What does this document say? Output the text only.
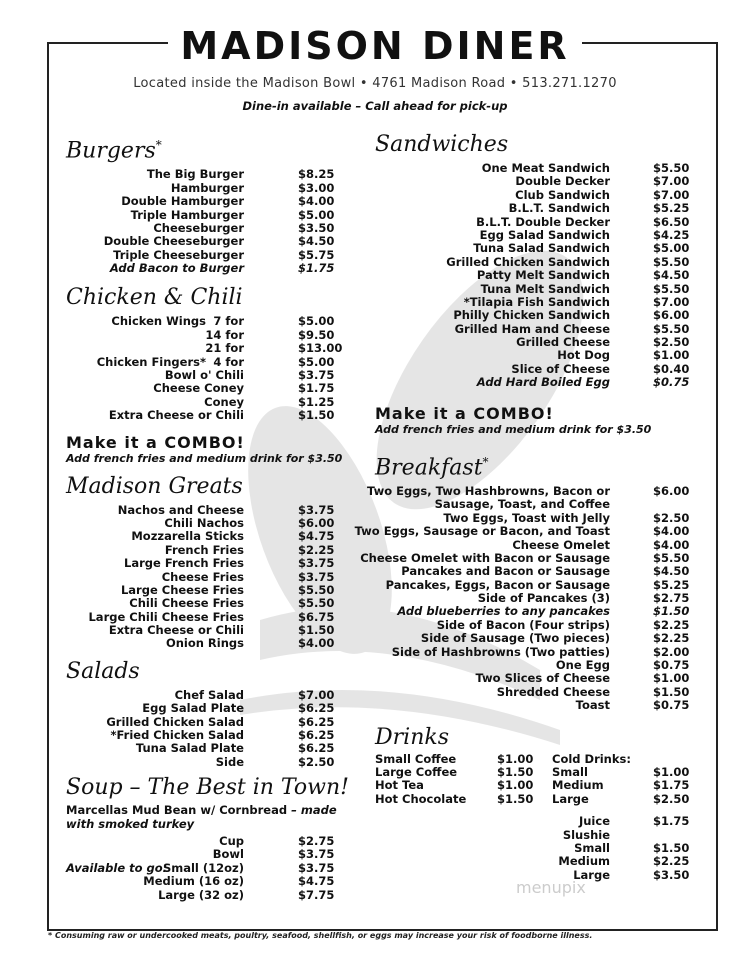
MADISON DINER
Located inside the Madison Bowl • 4761 Madison Road • 513.271.1270
Dine-in available – Call ahead for pick-up
Burgers*
The Big Burger	$8.25
Hamburger	$3.00
Double Hamburger	$4.00
Triple Hamburger	$5.00
Cheeseburger	$3.50
Double Cheeseburger	$4.50
Triple Cheeseburger	$5.75
Add Bacon to Burger	$1.75
Chicken & Chili
Chicken Wings 7 for	$5.00
14 for	$9.50
21 for	$13.00
Chicken Fingers* 4 for	$5.00
Bowl o' Chili	$3.75
Cheese Coney	$1.75
Coney	$1.25
Extra Cheese or Chili	$1.50
Make it a COMBO!
Add french fries and medium drink for $3.50
Madison Greats
Nachos and Cheese	$3.75
Chili Nachos	$6.00
Mozzarella Sticks	$4.75
French Fries	$2.25
Large French Fries	$3.75
Cheese Fries	$3.75
Large Cheese Fries	$5.50
Chili Cheese Fries	$5.50
Large Chili Cheese Fries	$6.75
Extra Cheese or Chili	$1.50
Onion Rings	$4.00
Salads
Chef Salad	$7.00
Egg Salad Plate	$6.25
Grilled Chicken Salad	$6.25
*Fried Chicken Salad	$6.25
Tuna Salad Plate	$6.25
Side	$2.50
Soup – The Best in Town!
Marcellas Mud Bean w/ Cornbread – made with smoked turkey
Cup	$2.75
Bowl	$3.75
Available to go:
Small (12oz)	$3.75
Medium (16 oz)	$4.75
Large (32 oz)	$7.75
Sandwiches
One Meat Sandwich	$5.50
Double Decker	$7.00
Club Sandwich	$7.00
B.L.T. Sandwich	$5.25
B.L.T. Double Decker	$6.50
Egg Salad Sandwich	$4.25
Tuna Salad Sandwich	$5.00
Grilled Chicken Sandwich	$5.50
Patty Melt Sandwich	$4.50
Tuna Melt Sandwich	$5.50
*Tilapia Fish Sandwich	$7.00
Philly Chicken Sandwich	$6.00
Grilled Ham and Cheese	$5.50
Grilled Cheese	$2.50
Hot Dog	$1.00
Slice of Cheese	$0.40
Add Hard Boiled Egg	$0.75
Make it a COMBO!
Add french fries and medium drink for $3.50
Breakfast*
Two Eggs, Two Hashbrowns, Bacon or	$6.00
Sausage, Toast, and Coffee
Two Eggs, Toast with Jelly	$2.50
Two Eggs, Sausage or Bacon, and Toast	$4.00
Cheese Omelet	$4.00
Cheese Omelet with Bacon or Sausage	$5.50
Pancakes and Bacon or Sausage	$4.50
Pancakes, Eggs, Bacon or Sausage	$5.25
Side of Pancakes (3)	$2.75
Add blueberries to any pancakes	$1.50
Side of Bacon (Four strips)	$2.25
Side of Sausage (Two pieces)	$2.25
Side of Hashbrowns (Two patties)	$2.00
One Egg	$0.75
Two Slices of Cheese	$1.00
Shredded Cheese	$1.50
Toast	$0.75
Drinks
Small Coffee	$1.00
Large Coffee	$1.50
Hot Tea	$1.00
Hot Chocolate	$1.50
Cold Drinks:
Small	$1.00
Medium	$1.75
Large	$2.50
Juice	$1.75
Slushie
Small	$1.50
Medium	$2.25
Large	$3.50
menupix
* Consuming raw or undercooked meats, poultry, seafood, shellfish, or eggs may increase your risk of foodborne illness.
